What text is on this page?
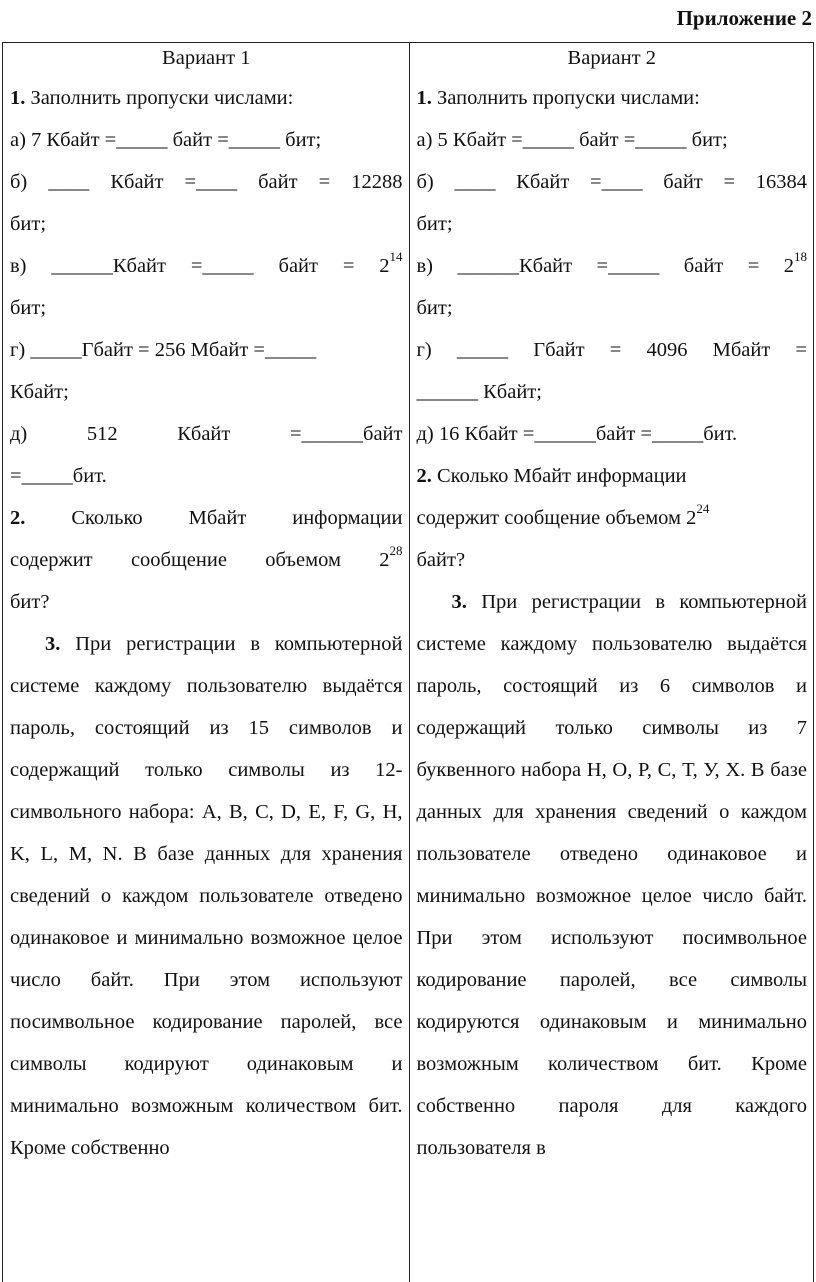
Приложение 2
Вариант 1

1. Заполнить пропуски числами:

а) 7 Кбайт =_____ байт =_____ бит;

б) ____ Кбайт =____ байт = 12288

бит;

в) ______Кбайт =_____ байт = $2^{14}$

бит;

г) _____Гбайт = 256 Мбайт =_____

Кбайт;

д) 512 Кбайт =______байт

=_____бит.

2. Сколько Мбайт информации
содержит сообщение объемом $2^{28}$

бит?

3. При регистрации в компьютерной системе каждому пользователю выдаётся пароль, состоящий из 15 символов и содержащий только символы из 12-символьного набора: A, B, C, D, E, F, G, H, K, L, M, N. В базе данных для хранения сведений о каждом пользователе отведено одинаковое и минимально возможное целое число байт. При этом используют посимвольное кодирование паролей, все символы кодируют одинаковым и минимально возможным количеством бит. Кроме собственно

Вариант 2

1. Заполнить пропуски числами:

а) 5 Кбайт =_____ байт =_____ бит;

б) ____ Кбайт =____ байт = 16384

бит;

в) ______Кбайт =_____ байт = $2^{18}$

бит;

г) _____ Гбайт = 4096 Мбайт =

______ Кбайт;

д) 16 Кбайт =______байт =_____бит.

2. Сколько Мбайт информации

содержит сообщение объемом $2^{24}$

байт?

3. При регистрации в компьютерной системе каждому пользователю выдаётся пароль, состоящий из 6 символов и содержащий только символы из 7 буквенного набора Н, О, Р, С, Т, У, Х. В базе данных для хранения сведений о каждом пользователе отведено одинаковое и минимально возможное целое число байт. При этом используют посимвольное кодирование паролей, все символы кодируются одинаковым и минимально возможным количеством бит. Кроме собственно пароля для каждого пользователя в
